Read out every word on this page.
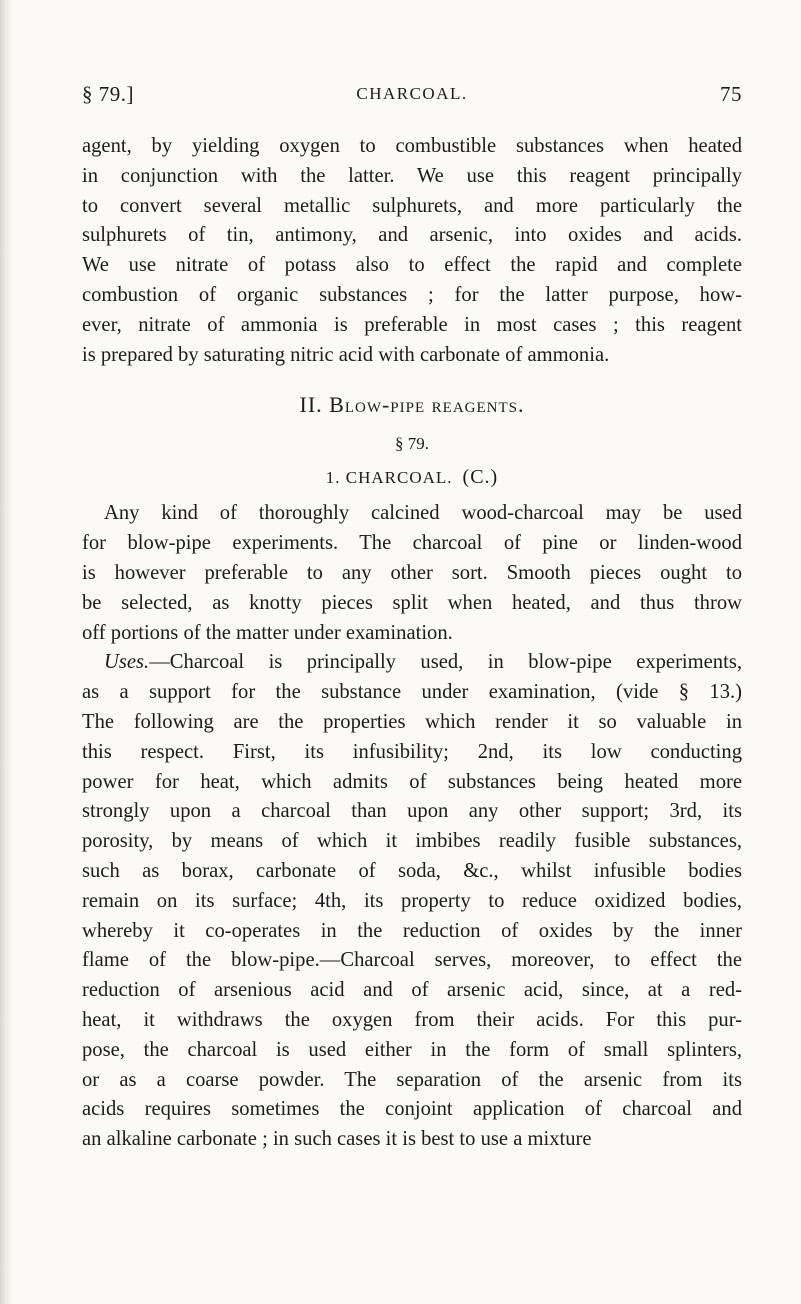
§ 79.]	CHARCOAL.	75
agent, by yielding oxygen to combustible substances when heated
in conjunction with the latter. We use this reagent principally
to convert several metallic sulphurets, and more particularly the
sulphurets of tin, antimony, and arsenic, into oxides and acids.
We use nitrate of potass also to effect the rapid and complete
combustion of organic substances ; for the latter purpose, how-
ever, nitrate of ammonia is preferable in most cases ; this reagent
is prepared by saturating nitric acid with carbonate of ammonia.
II. Blow-pipe reagents.
§ 79.
1. CHARCOAL. (C.)
Any kind of thoroughly calcined wood-charcoal may be used
for blow-pipe experiments. The charcoal of pine or linden-wood
is however preferable to any other sort. Smooth pieces ought to
be selected, as knotty pieces split when heated, and thus throw
off portions of the matter under examination.
Uses.—Charcoal is principally used, in blow-pipe experiments,
as a support for the substance under examination, (vide § 13.)
The following are the properties which render it so valuable in
this respect. First, its infusibility; 2nd, its low conducting
power for heat, which admits of substances being heated more
strongly upon a charcoal than upon any other support; 3rd, its
porosity, by means of which it imbibes readily fusible substances,
such as borax, carbonate of soda, &c., whilst infusible bodies
remain on its surface; 4th, its property to reduce oxidized bodies,
whereby it co-operates in the reduction of oxides by the inner
flame of the blow-pipe.—Charcoal serves, moreover, to effect the
reduction of arsenious acid and of arsenic acid, since, at a red-
heat, it withdraws the oxygen from their acids. For this pur-
pose, the charcoal is used either in the form of small splinters,
or as a coarse powder. The separation of the arsenic from its
acids requires sometimes the conjoint application of charcoal and
an alkaline carbonate ; in such cases it is best to use a mixture
